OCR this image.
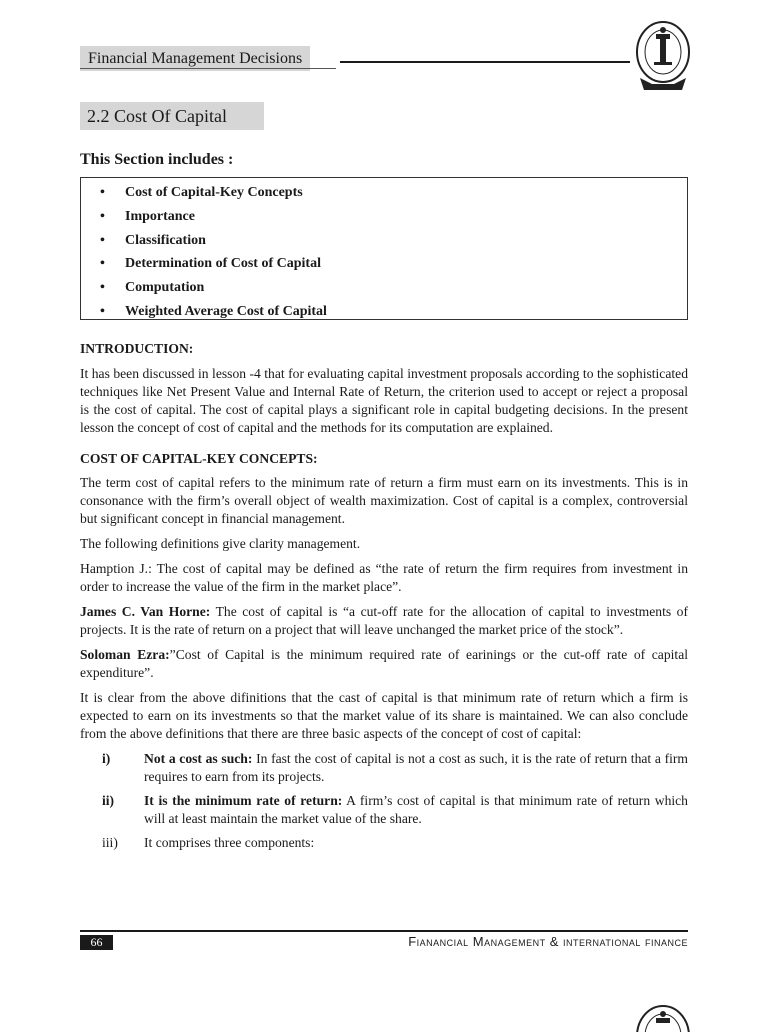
Financial Management Decisions
2.2 Cost Of Capital
This Section includes :
• Cost of Capital-Key Concepts
• Importance
• Classification
• Determination of Cost of Capital
• Computation
• Weighted Average Cost of Capital
INTRODUCTION:

It has been discussed in lesson -4 that for evaluating capital investment proposals according to the sophisticated techniques like Net Present Value and Internal Rate of Return, the criterion used to accept or reject a proposal is the cost of capital. The cost of capital plays a significant role in capital budgeting decisions. In the present lesson the concept of cost of capital and the methods for its computation are explained.

COST OF CAPITAL-KEY CONCEPTS:

The term cost of capital refers to the minimum rate of return a firm must earn on its investments. This is in consonance with the firm’s overall object of wealth maximization. Cost of capital is a complex, controversial but significant concept in financial management.

The following definitions give clarity management.

Hamption J.: The cost of capital may be defined as “the rate of return the firm requires from investment in order to increase the value of the firm in the market place”.

James C. Van Horne: The cost of capital is “a cut-off rate for the allocation of capital to investments of projects. It is the rate of return on a project that will leave unchanged the market price of the stock”.

Soloman Ezra:”Cost of Capital is the minimum required rate of earinings or the cut-off rate of capital expenditure”.

It is clear from the above difinitions that the cast of capital is that minimum rate of return which a firm is expected to earn on its investments so that the market value of its share is maintained. We can also conclude from the above definitions that there are three basic aspects of the concept of cost of capital:

i)	Not a cost as such: In fast the cost of capital is not a cost as such, it is the rate of return that a firm requires to earn from its projects.
ii)	It is the minimum rate of return: A firm’s cost of capital is that minimum rate of return which will at least maintain the market value of the share.
iii)	It comprises three components:
66	Fianancial Management & international finance
